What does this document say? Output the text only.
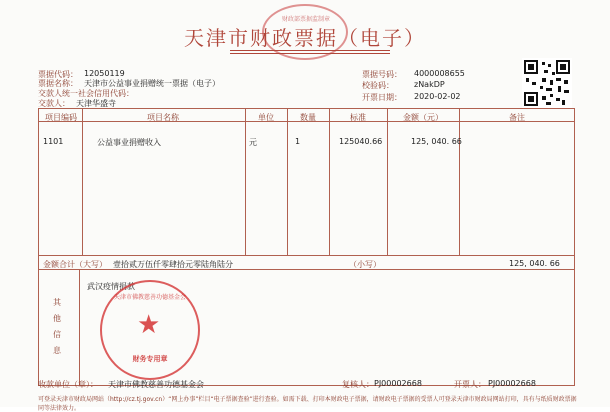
财政部票据监制章
天津市财政票据（电子）
票据代码： 12050119
票据名称： 天津市公益事业捐赠统一票据（电子）
交款人统一社会信用代码：
交款人： 天津华盛寺
票据号码： 4000008655
校验码：	zNakDP
开票日期： 2020-02-02
项目编码	项目名称	单位	数量	标准	金额（元）	备注
1101	公益事业捐赠收入	元	1	125040.66	125, 040. 66
金额合计（大写） 壹拾贰万伍仟零肆拾元零陆角陆分	（小写）	125, 040. 66
其他信息
武汉疫情捐款
天津市佛教慈善功德基金会
★
财务专用章
收款单位（章）： 天津市佛教慈善功德基金会	复核人： PJ00002668	开票人： PJ00002668
可登录天津市财政局网站（http://cz.tj.gov.cn）“网上办事”栏目“电子票据查验”进行查验。如需下载、打印本财政电子票据，请财政电子票据的受票人可登录天津市财政局网站打印，具有与纸质财政票据同等法律效力。
